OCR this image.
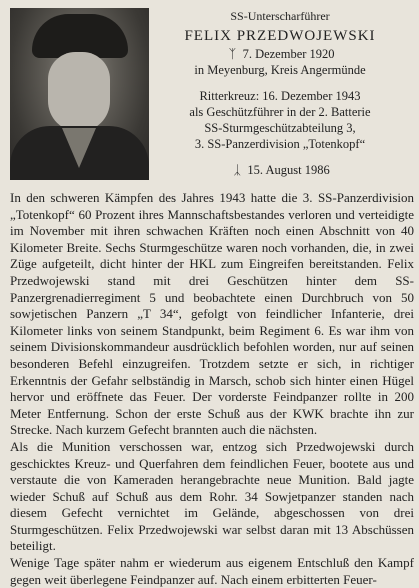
SS-Unterscharführer
FELIX PRZEDWOJEWSKI
ᛉ 7. Dezember 1920
in Meyenburg, Kreis Angermünde
Ritterkreuz: 16. Dezember 1943
als Geschützführer in der 2. Batterie
SS-Sturmgeschützabteilung 3,
3. SS-Panzerdivision „Totenkopf“
ᛣ 15. August 1986

In den schweren Kämpfen des Jahres 1943 hatte die 3. SS-Panzerdivision „Totenkopf“ 60 Prozent ihres Mannschaftsbestandes verloren und verteidigte im November mit ihren schwachen Kräften noch einen Abschnitt von 40 Kilometer Breite. Sechs Sturmgeschütze waren noch vorhanden, die, in zwei Züge aufgeteilt, dicht hinter der HKL zum Eingreifen bereitstanden. Felix Przedwojewski stand mit drei Geschützen hinter dem SS-Panzergrenadierregiment 5 und beobachtete einen Durchbruch von 50 sowjetischen Panzern „T 34“, gefolgt von feindlicher Infanterie, drei Kilometer links von seinem Standpunkt, beim Regiment 6. Es war ihm von seinem Divisionskommandeur ausdrücklich befohlen worden, nur auf seinen besonderen Befehl einzugreifen. Trotzdem setzte er sich, in richtiger Erkenntnis der Gefahr selbständig in Marsch, schob sich hinter einen Hügel hervor und eröffnete das Feuer. Der vorderste Feindpanzer rollte in 200 Meter Entfernung. Schon der erste Schuß aus der KWK brachte ihn zur Strecke. Nach kurzem Gefecht brannten auch die nächsten.

Als die Munition verschossen war, entzog sich Przedwojewski durch geschicktes Kreuz- und Querfahren dem feindlichen Feuer, bootete aus und verstaute die von Kameraden herangebrachte neue Munition. Bald jagte wieder Schuß auf Schuß aus dem Rohr. 34 Sowjetpanzer standen nach diesem Gefecht vernichtet im Gelände, abgeschossen von drei Sturmgeschützen. Felix Przedwojewski war selbst daran mit 13 Abschüssen beteiligt.

Wenige Tage später nahm er wiederum aus eigenem Entschluß den Kampf gegen weit überlegene Feindpanzer auf. Nach einem erbitterten Feuer-
